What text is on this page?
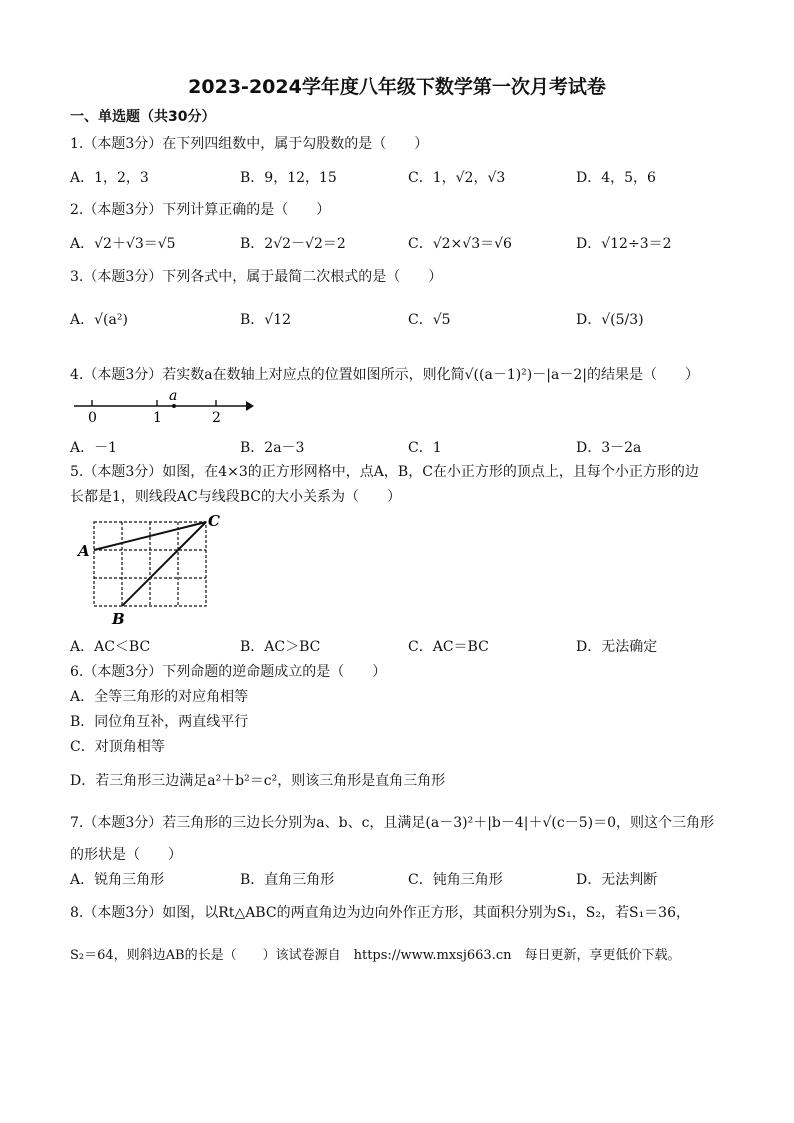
2023-2024学年度八年级下数学第一次月考试卷
一、单选题（共30分）
1.（本题3分）在下列四组数中，属于勾股数的是（　　）
A．1，2，3	B．9，12，15	C．1，√2，√3	D．4，5，6
2.（本题3分）下列计算正确的是（　　）
A．√2＋√3＝√5	B．2√2－√2＝2	C．√2×√3＝√6	D．√12÷3＝2
3.（本题3分）下列各式中，属于最简二次根式的是（　　）
A．√(a²)	B．√12	C．√5	D．√(5/3)
4.（本题3分）若实数a在数轴上对应点的位置如图所示，则化简√((a－1)²)－|a－2|的结果是（　　）
0	1
a
2
A．－1	B．2a－3	C．1	D．3－2a
5.（本题3分）如图，在4×3的正方形网格中，点A，B，C在小正方形的顶点上，且每个小正方形的边
长都是1，则线段AC与线段BC的大小关系为（　　）
A
B
C
A．AC＜BC	B．AC＞BC	C．AC＝BC	D．无法确定
6.（本题3分）下列命题的逆命题成立的是（　　）
A．全等三角形的对应角相等
B．同位角互补，两直线平行
C．对顶角相等
D．若三角形三边满足a²＋b²＝c²，则该三角形是直角三角形
7.（本题3分）若三角形的三边长分别为a、b、c，且满足(a－3)²＋|b－4|＋√(c－5)＝0，则这个三角形
的形状是（　　）
A．锐角三角形	B．直角三角形	C．钝角三角形	D．无法判断
8.（本题3分）如图，以Rt△ABC的两直角边为边向外作正方形，其面积分别为S₁，S₂，若S₁＝36，
S₂＝64，则斜边AB的长是（　　）该试卷源自　https://www.mxsj663.cn　每日更新，享更低价下载。
